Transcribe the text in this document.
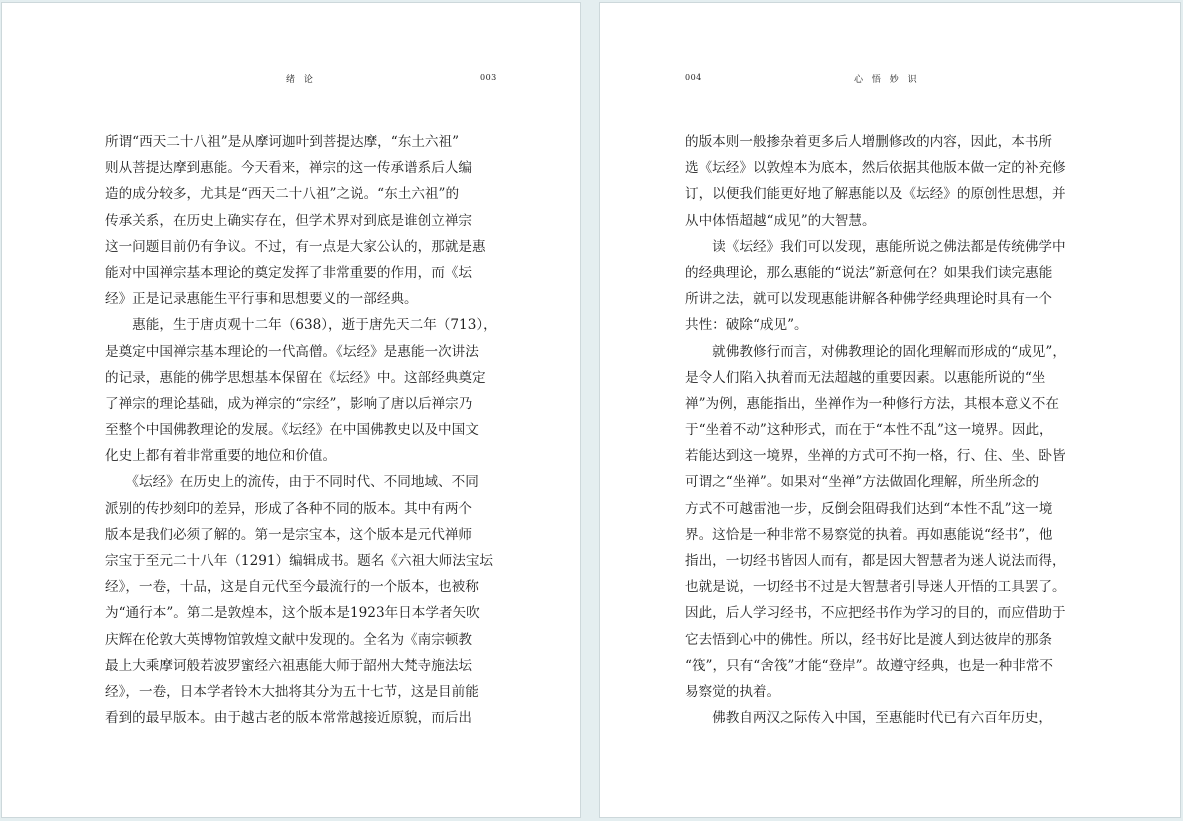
绪 论	003
所谓“西天二十八祖”是从摩诃迦叶到菩提达摩，“东土六祖”
则从菩提达摩到惠能。今天看来，禅宗的这一传承谱系后人编
造的成分较多，尤其是“西天二十八祖”之说。“东土六祖”的
传承关系，在历史上确实存在，但学术界对到底是谁创立禅宗
这一问题目前仍有争议。不过，有一点是大家公认的，那就是惠
能对中国禅宗基本理论的奠定发挥了非常重要的作用，而《坛
经》正是记录惠能生平行事和思想要义的一部经典。
　　惠能，生于唐贞观十二年（638），逝于唐先天二年（713），
是奠定中国禅宗基本理论的一代高僧。《坛经》是惠能一次讲法
的记录，惠能的佛学思想基本保留在《坛经》中。这部经典奠定
了禅宗的理论基础，成为禅宗的“宗经”，影响了唐以后禅宗乃
至整个中国佛教理论的发展。《坛经》在中国佛教史以及中国文
化史上都有着非常重要的地位和价值。
　　《坛经》在历史上的流传，由于不同时代、不同地域、不同
派别的传抄刻印的差异，形成了各种不同的版本。其中有两个
版本是我们必须了解的。第一是宗宝本，这个版本是元代禅师
宗宝于至元二十八年（1291）编辑成书。题名《六祖大师法宝坛
经》，一卷，十品，这是自元代至今最流行的一个版本，也被称
为“通行本”。第二是敦煌本，这个版本是1923年日本学者矢吹
庆辉在伦敦大英博物馆敦煌文献中发现的。全名为《南宗顿教
最上大乘摩诃般若波罗蜜经六祖惠能大师于韶州大梵寺施法坛
经》，一卷，日本学者铃木大拙将其分为五十七节，这是目前能
看到的最早版本。由于越古老的版本常常越接近原貌，而后出
004	心 悟 妙 识
的版本则一般掺杂着更多后人增删修改的内容，因此，本书所
选《坛经》以敦煌本为底本，然后依据其他版本做一定的补充修
订，以便我们能更好地了解惠能以及《坛经》的原创性思想，并
从中体悟超越“成见”的大智慧。
　　读《坛经》我们可以发现，惠能所说之佛法都是传统佛学中
的经典理论，那么惠能的“说法”新意何在？如果我们读完惠能
所讲之法，就可以发现惠能讲解各种佛学经典理论时具有一个
共性：破除“成见”。
　　就佛教修行而言，对佛教理论的固化理解而形成的“成见”，
是令人们陷入执着而无法超越的重要因素。以惠能所说的“坐
禅”为例，惠能指出，坐禅作为一种修行方法，其根本意义不在
于“坐着不动”这种形式，而在于“本性不乱”这一境界。因此，
若能达到这一境界，坐禅的方式可不拘一格，行、住、坐、卧皆
可谓之“坐禅”。如果对“坐禅”方法做固化理解，所坐所念的
方式不可越雷池一步，反倒会阻碍我们达到“本性不乱”这一境
界。这恰是一种非常不易察觉的执着。再如惠能说“经书”，他
指出，一切经书皆因人而有，都是因大智慧者为迷人说法而得，
也就是说，一切经书不过是大智慧者引导迷人开悟的工具罢了。
因此，后人学习经书，不应把经书作为学习的目的，而应借助于
它去悟到心中的佛性。所以，经书好比是渡人到达彼岸的那条
“筏”，只有“舍筏”才能“登岸”。故遵守经典，也是一种非常不
易察觉的执着。
　　佛教自两汉之际传入中国，至惠能时代已有六百年历史，
